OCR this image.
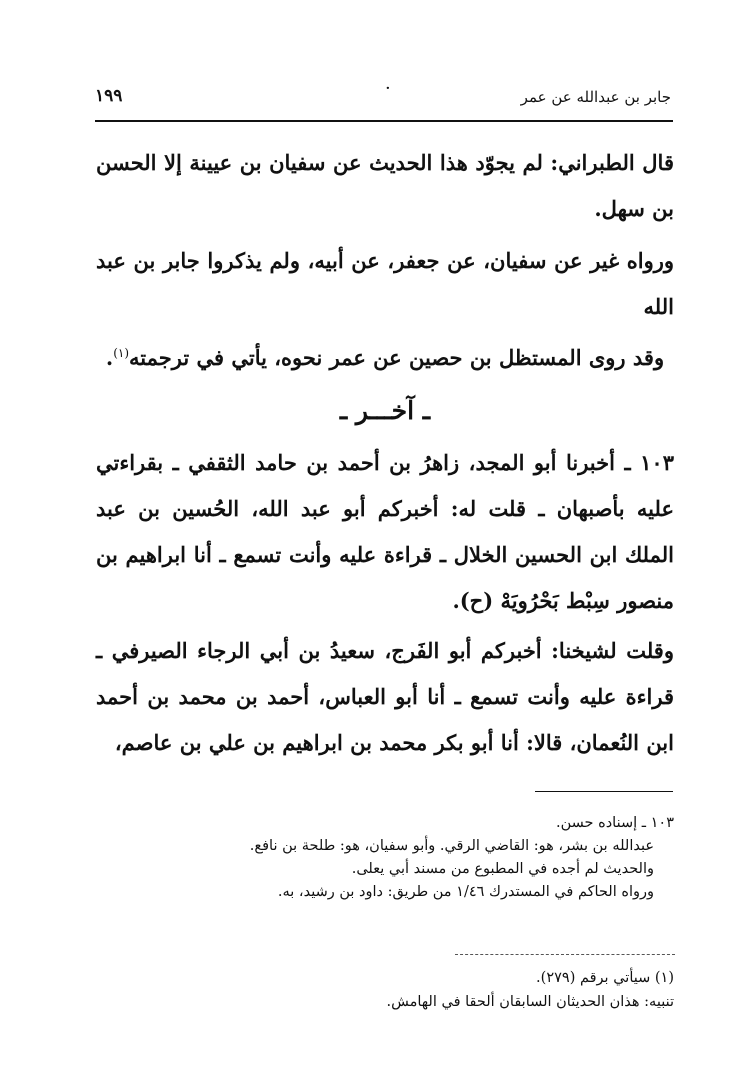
١٩٩	·	جابر بن عبدالله عن عمر
قال الطبراني: لم يجوّد هذا الحديث عن سفيان بن عيينة إلا الحسن بن سهل.
ورواه غير عن سفيان، عن جعفر، عن أبيه، ولم يذكروا جابر بن عبد الله
وقد روى المستظل بن حصين عن عمر نحوه، يأتي في ترجمته$^{(١)}$.
ـ آخـــر ـ
١٠٣ ـ أخبرنا أبو المجد، زاهرُ بن أحمد بن حامد الثقفي ـ بقراءتي عليه بأصبهان ـ قلت له: أخبركم أبو عبد الله، الحُسين بن عبد الملك ابن الحسين الخلال ـ قراءة عليه وأنت تسمع ـ أنا ابراهيم بن منصور سِبْط بَحْرُويَهْ (ح).
وقلت لشيخنا: أخبركم أبو الفَرج، سعيدُ بن أبي الرجاء الصيرفي ـ قراءة عليه وأنت تسمع ـ أنا أبو العباس، أحمد بن محمد بن أحمد ابن النُعمان، قالا: أنا أبو بكر محمد بن ابراهيم بن علي بن عاصم،
١٠٣ ـ إسناده حسن.
عبدالله بن بشر، هو: القاضي الرقي. وأبو سفيان، هو: طلحة بن نافع.
والحديث لم أجده في المطبوع من مسند أبي يعلى.
ورواه الحاكم في المستدرك ١/٤٦ من طريق: داود بن رشيد، به.
(١) سيأتي برقم (٢٧٩).
تنبيه: هذان الحديثان السابقان ألحقا في الهامش.
